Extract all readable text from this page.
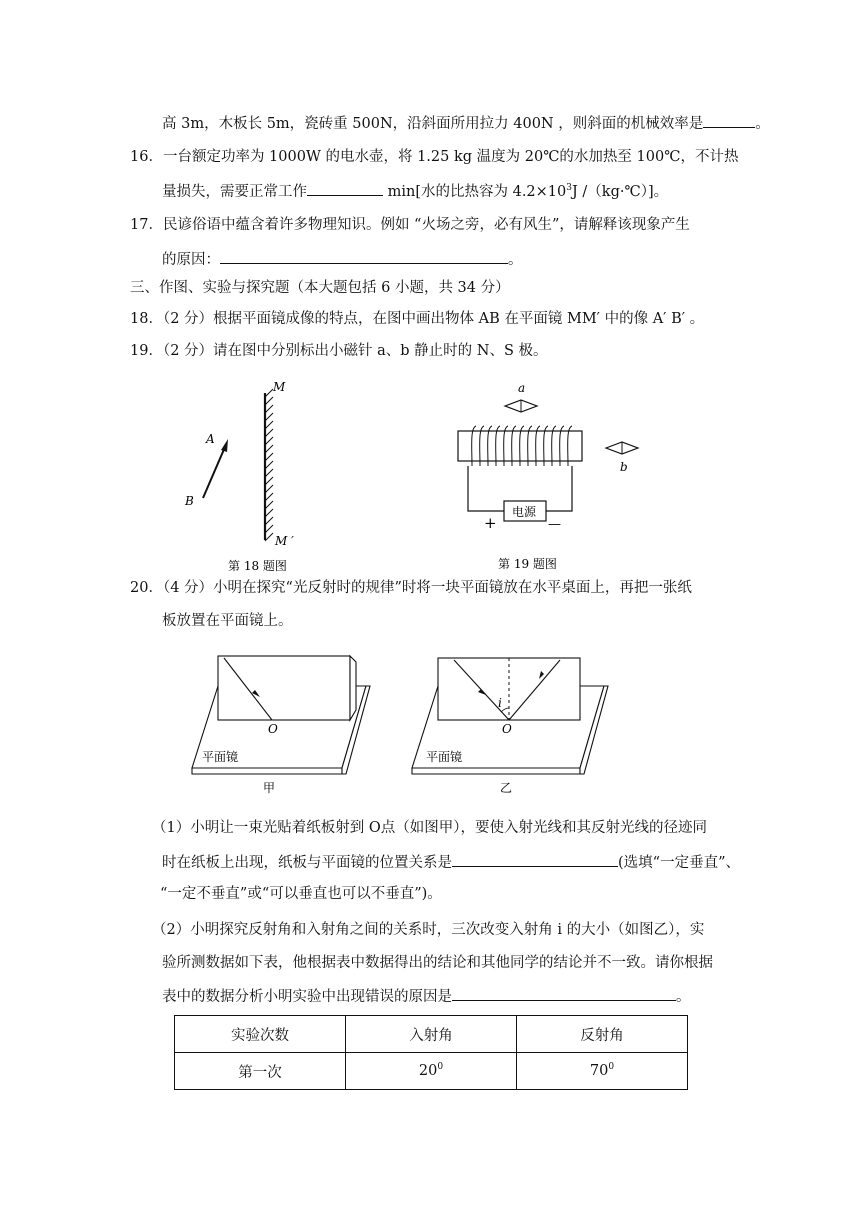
高 3m，木板长 5m，瓷砖重 500N，沿斜面所用拉力 400N ，则斜面的机械效率是	。
16．一台额定功率为 1000W 的电水壶，将 1.25 kg 温度为 20℃的水加热至 100℃，不计热
量损失，需要正常工作	min[水的比热容为 $4.2\times 10^3J$ /（kg·℃）]。
17．民谚俗语中蕴含着许多物理知识。例如 “火场之旁，必有风生”，请解释该现象产生
的原因：	。
三、作图、实验与探究题（本大题包括 6 小题，共 34 分）
18．（2 分）根据平面镜成像的特点，在图中画出物体 AB 在平面镜 MM′ 中的像 A′ B′ 。
19．（2 分）请在图中分别标出小磁针 a、b 静止时的 N、S 极。
M
A
B
M ′
第 18 题图
a
电源
+	—
b
第 19 题图
20．（4 分）小明在探究“光反射时的规律”时将一块平面镜放在水平桌面上，再把一张纸
板放置在平面镜上。
O
平面镜
甲
i
O
平面镜
乙
（1）小明让一束光贴着纸板射到 O点（如图甲），要使入射光线和其反射光线的径迹同
时在纸板上出现，纸板与平面镜的位置关系是	(选填“一定垂直”、
“一定不垂直”或“可以垂直也可以不垂直”)。
（2）小明探究反射角和入射角之间的关系时，三次改变入射角 i 的大小（如图乙），实
验所测数据如下表，他根据表中数据得出的结论和其他同学的结论并不一致。请你根据
表中的数据分析小明实验中出现错误的原因是	。
实验次数	入射角	反射角
第一次	$20^0$	$70^0$
